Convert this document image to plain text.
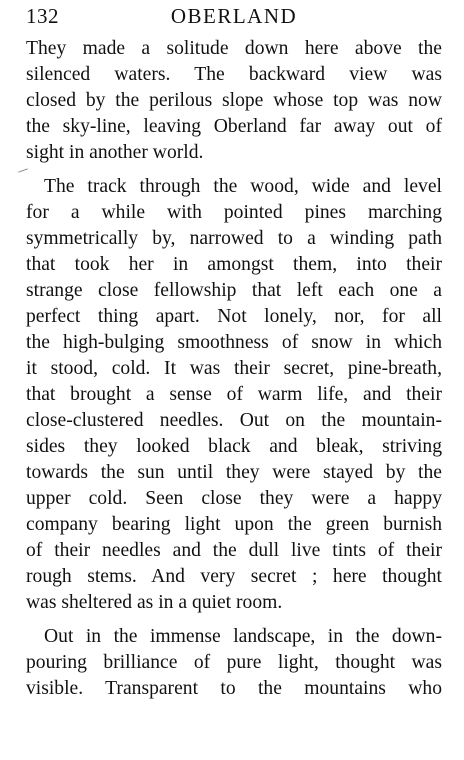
132	OBERLAND
They made a solitude down here above the
silenced waters. The backward view was
closed by the perilous slope whose top was now
the sky-line, leaving Oberland far away out of
sight in another world.
The track through the wood, wide and level
for a while with pointed pines marching
symmetrically by, narrowed to a winding path
that took her in amongst them, into their
strange close fellowship that left each one a
perfect thing apart. Not lonely, nor, for all
the high-bulging smoothness of snow in which
it stood, cold. It was their secret, pine-breath,
that brought a sense of warm life, and their
close-clustered needles. Out on the mountain-
sides they looked black and bleak, striving
towards the sun until they were stayed by the
upper cold. Seen close they were a happy
company bearing light upon the green burnish
of their needles and the dull live tints of their
rough stems. And very secret ; here thought
was sheltered as in a quiet room.
Out in the immense landscape, in the down-
pouring brilliance of pure light, thought was
visible. Transparent to the mountains who
